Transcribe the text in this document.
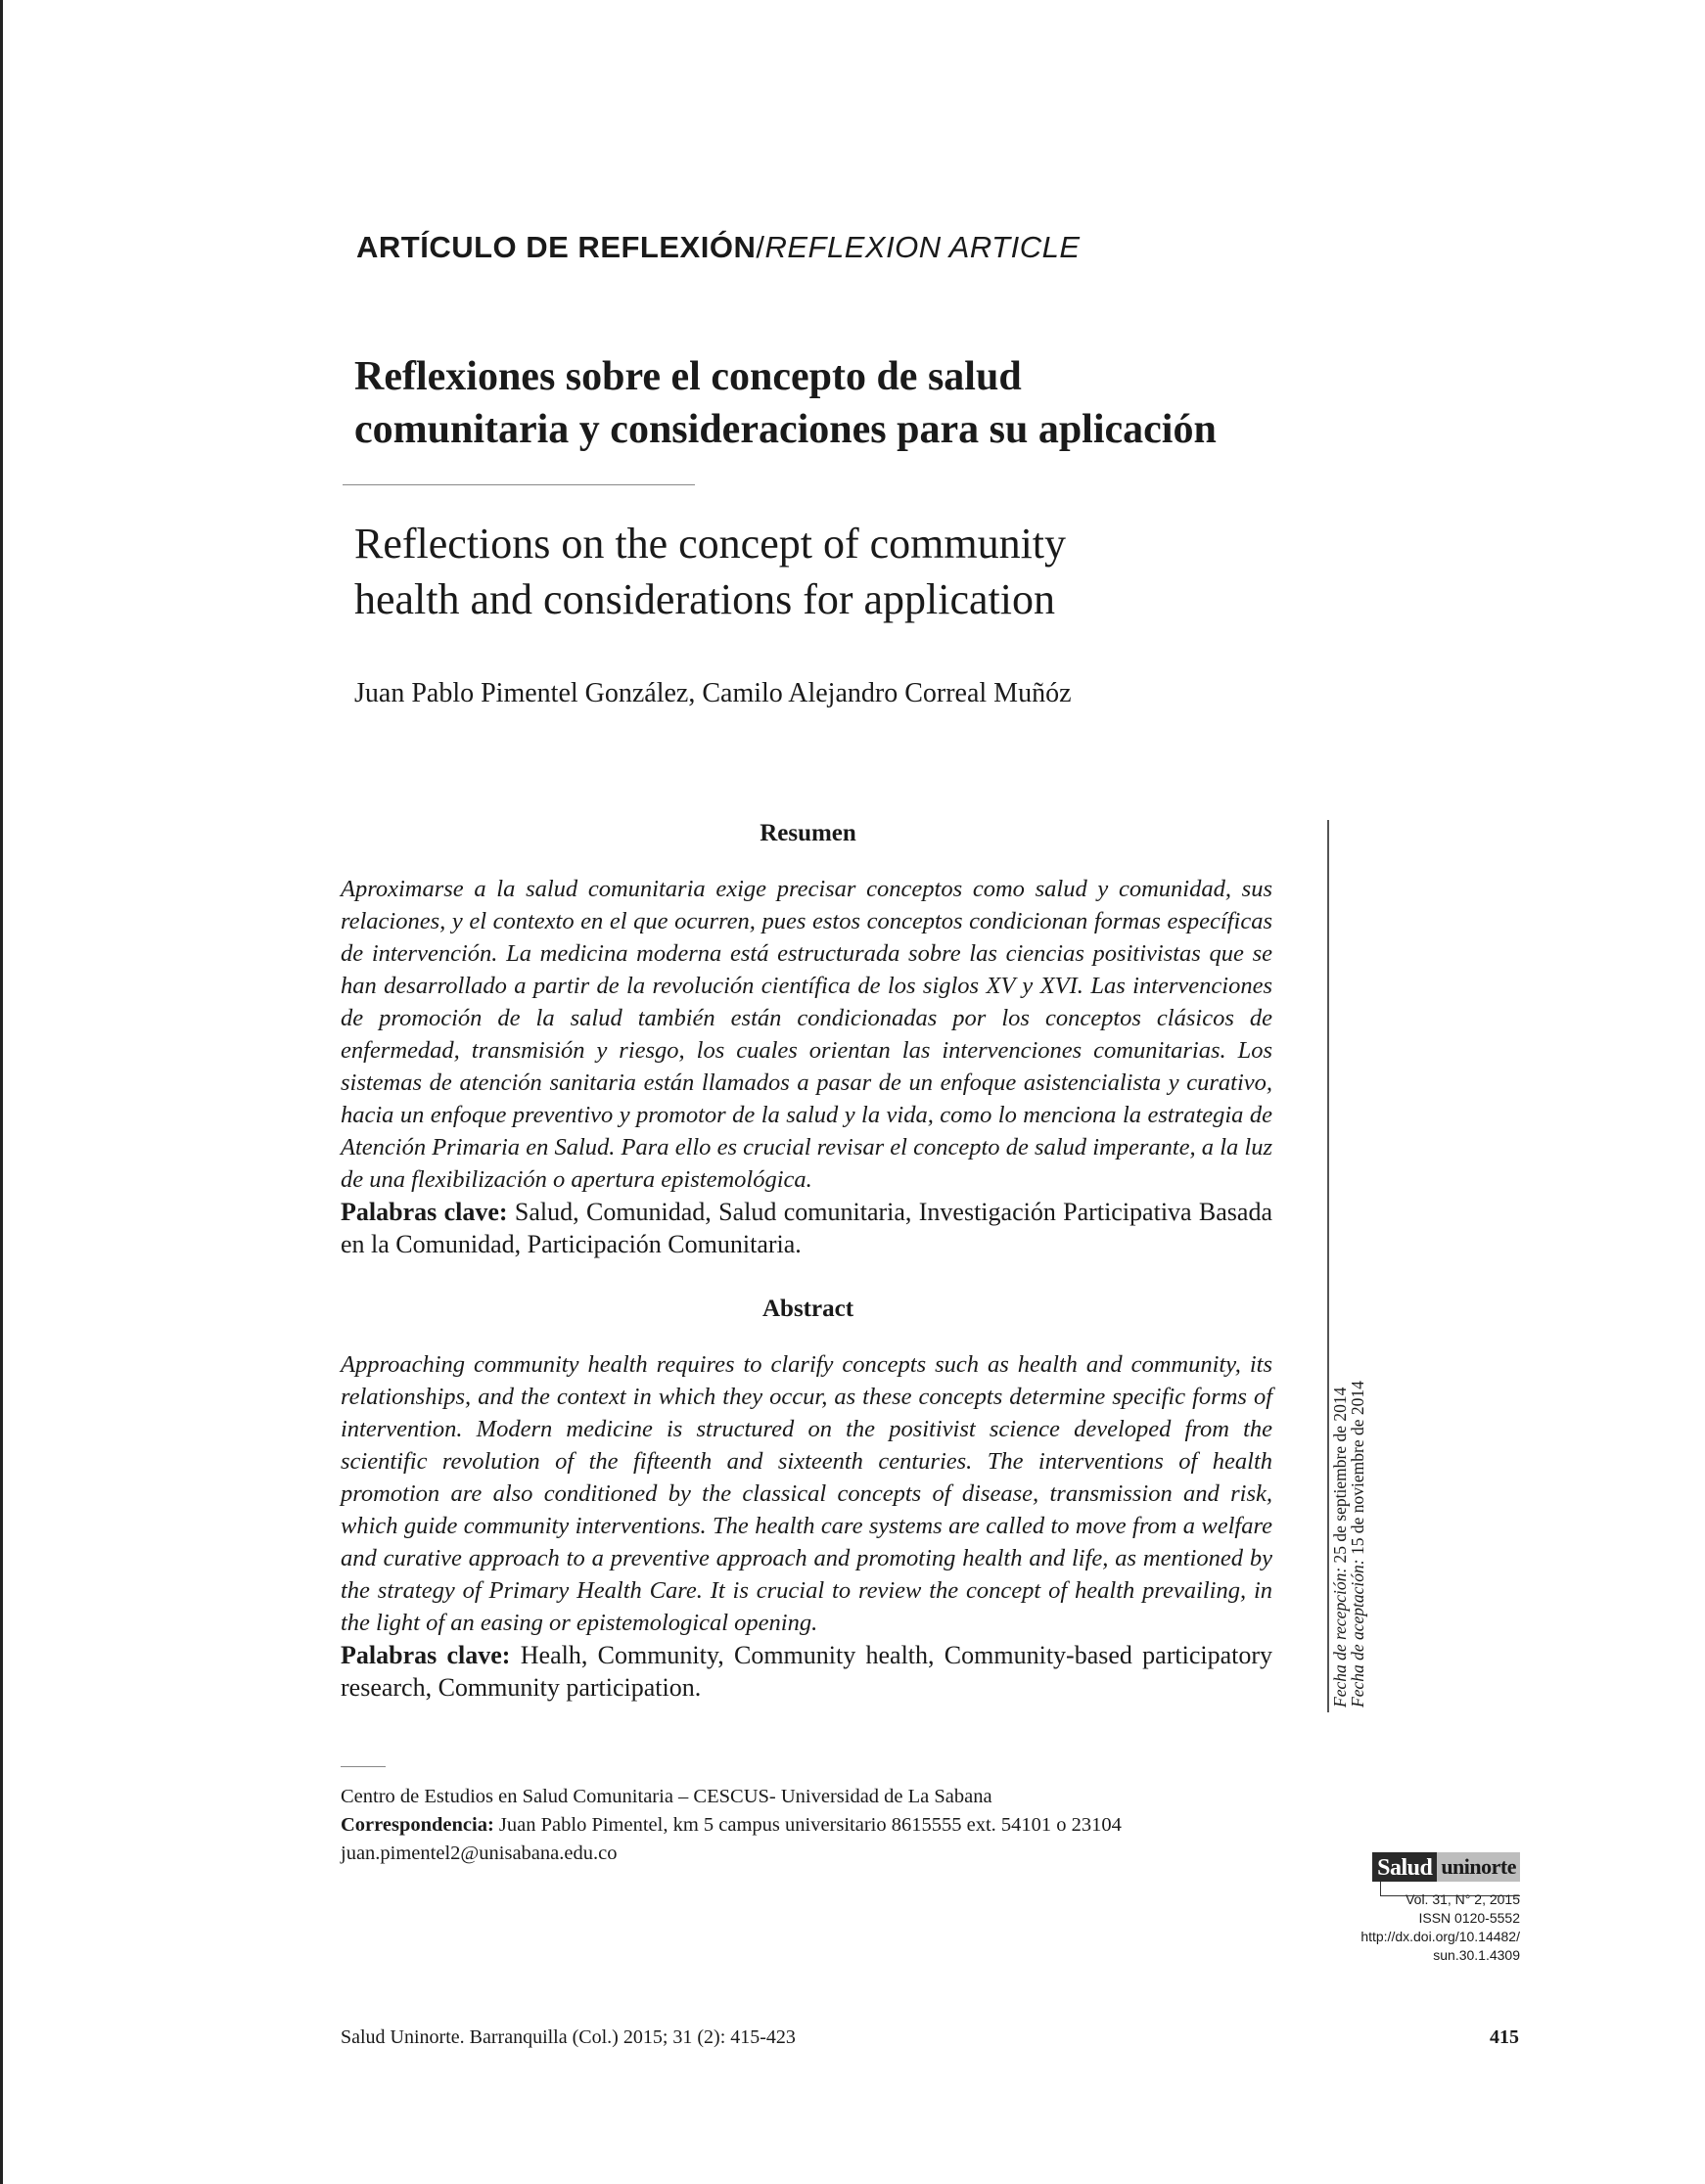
ARTÍCULO DE REFLEXIÓN/REFLEXION ARTICLE
Reflexiones sobre el concepto de salud
comunitaria y consideraciones para su aplicación
Reflections on the concept of community
health and considerations for application
Juan Pablo Pimentel González, Camilo Alejandro Correal Muñóz
Resumen
Aproximarse a la salud comunitaria exige precisar conceptos como salud y comunidad, sus relaciones, y el contexto en el que ocurren, pues estos conceptos condicionan formas específicas de intervención. La medicina moderna está estructurada sobre las ciencias positivistas que se han desarrollado a partir de la revolución científica de los siglos XV y XVI. Las intervenciones de promoción de la salud también están condicionadas por los conceptos clásicos de enfermedad, transmisión y riesgo, los cuales orientan las intervenciones comunitarias. Los sistemas de atención sanitaria están llamados a pasar de un enfoque asistencialista y curativo, hacia un enfoque preventivo y promotor de la salud y la vida, como lo menciona la estrategia de Atención Primaria en Salud. Para ello es crucial revisar el concepto de salud imperante, a la luz de una flexibilización o apertura epistemológica.
Palabras clave: Salud, Comunidad, Salud comunitaria, Investigación Participativa Basada en la Comunidad, Participación Comunitaria.
Abstract
Approaching community health requires to clarify concepts such as health and community, its relationships, and the context in which they occur, as these concepts determine specific forms of intervention. Modern medicine is structured on the positivist science developed from the scientific revolution of the fifteenth and sixteenth centuries. The interventions of health promotion are also conditioned by the classical concepts of disease, transmission and risk, which guide community interventions. The health care systems are called to move from a welfare and curative approach to a preventive approach and promoting health and life, as mentioned by the strategy of Primary Health Care. It is crucial to review the concept of health prevailing, in the light of an easing or epistemological opening.
Palabras clave: Healh, Community, Community health, Community-based participatory research, Community participation.	Fecha de recepción: 25 de septiembre de 2014
Fecha de aceptación: 15 de noviembre de 2014
Centro de Estudios en Salud Comunitaria – CESCUS- Universidad de La Sabana
Correspondencia: Juan Pablo Pimentel, km 5 campus universitario 8615555 ext. 54101 o 23104 juan.pimentel2@unisabana.edu.co
Salud uninorte
Vol. 31, N° 2, 2015
ISSN 0120-5552
http://dx.doi.org/10.14482/
sun.30.1.4309
Salud Uninorte. Barranquilla (Col.) 2015; 31 (2): 415-423	415
